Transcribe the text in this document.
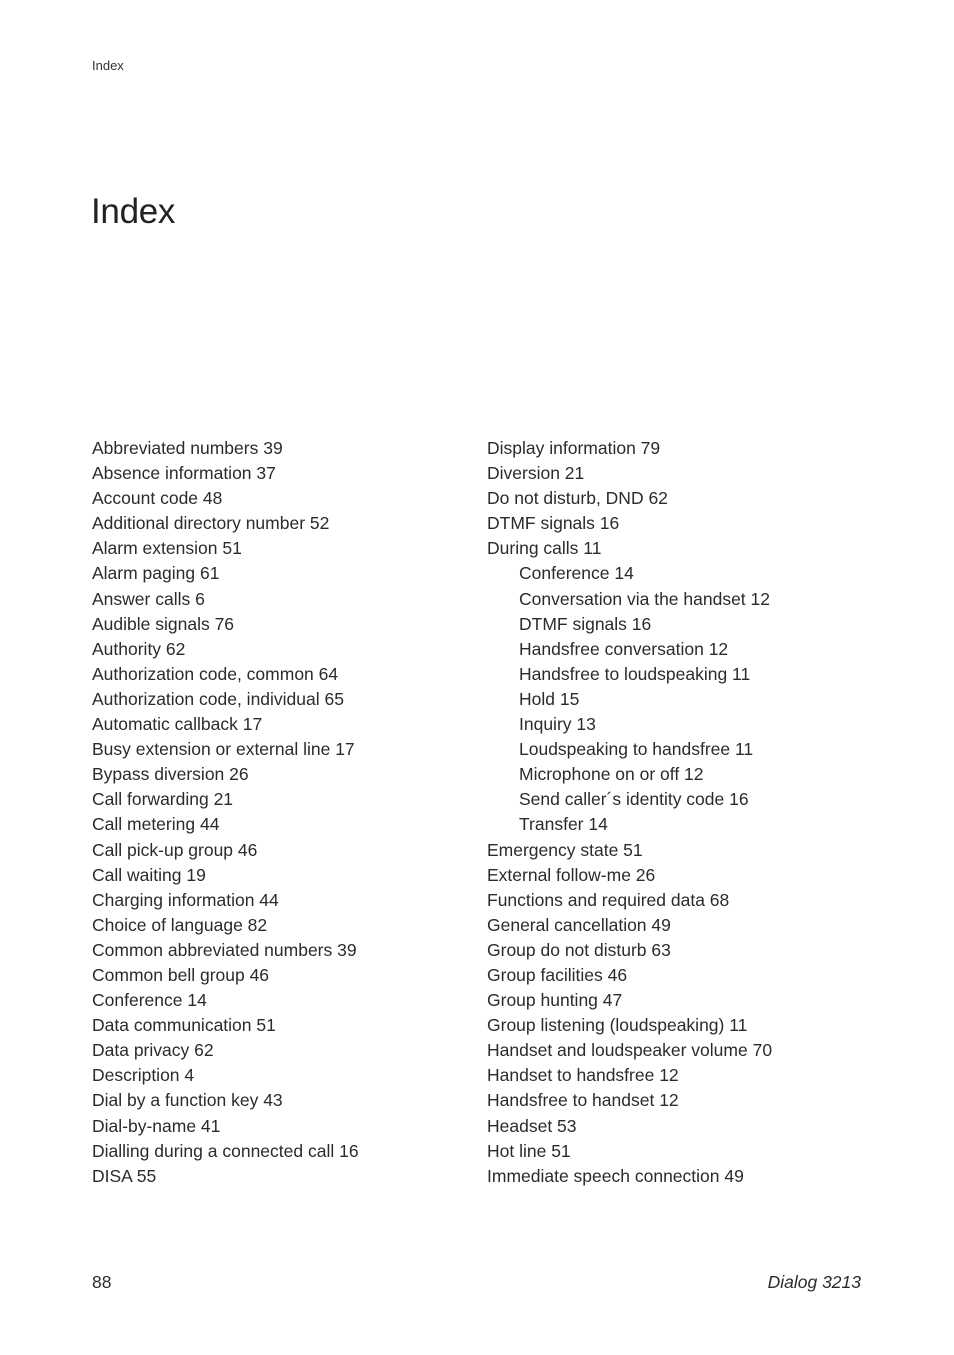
Index
Index
Abbreviated numbers 39
Absence information 37
Account code 48
Additional directory number 52
Alarm extension 51
Alarm paging 61
Answer calls 6
Audible signals 76
Authority 62
Authorization code, common 64
Authorization code, individual 65
Automatic callback 17
Busy extension or external line 17
Bypass diversion 26
Call forwarding 21
Call metering 44
Call pick-up group 46
Call waiting 19
Charging information 44
Choice of language 82
Common abbreviated numbers 39
Common bell group 46
Conference 14
Data communication 51
Data privacy 62
Description 4
Dial by a function key 43
Dial-by-name 41
Dialling during a connected call 16
DISA 55
Display information 79
Diversion 21
Do not disturb, DND 62
DTMF signals 16
During calls 11
Conference 14
Conversation via the handset 12
DTMF signals 16
Handsfree conversation 12
Handsfree to loudspeaking 11
Hold 15
Inquiry 13
Loudspeaking to handsfree 11
Microphone on or off 12
Send caller´s identity code 16
Transfer 14
Emergency state 51
External follow-me 26
Functions and required data 68
General cancellation 49
Group do not disturb 63
Group facilities 46
Group hunting 47
Group listening (loudspeaking) 11
Handset and loudspeaker volume 70
Handset to handsfree 12
Handsfree to handset 12
Headset 53
Hot line 51
Immediate speech connection 49
88	Dialog 3213
